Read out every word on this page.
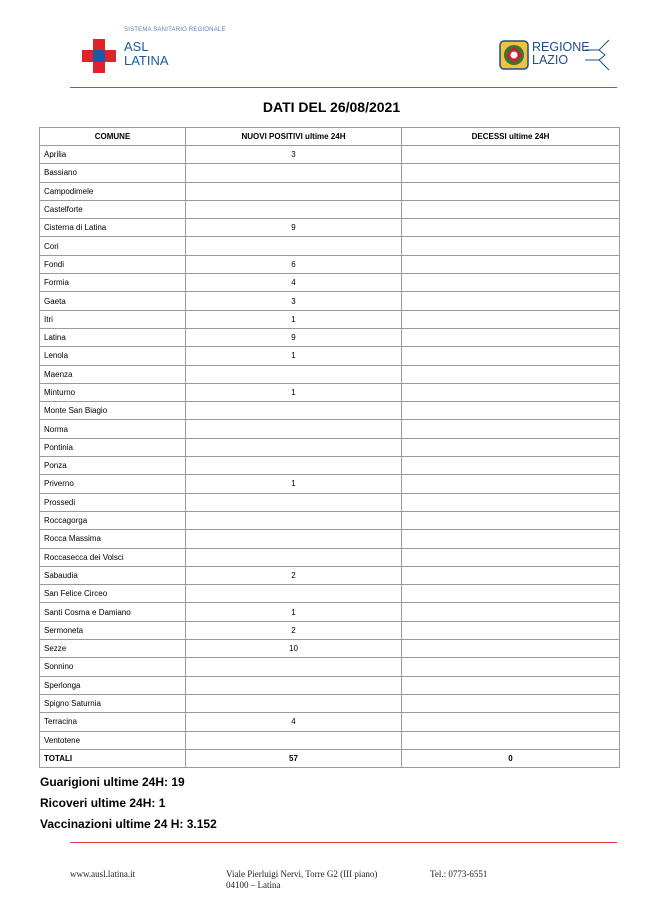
SISTEMA SANITARIO REGIONALE
ASL
LATINA
REGIONE
LAZIO
DATI DEL 26/08/2021
COMUNE	NUOVI POSITIVI ultime 24H	DECESSI ultime 24H
Aprilia	3	
Bassiano		
Campodimele		
Castelforte		
Cisterna di Latina	9	
Cori		
Fondi	6	
Formia	4	
Gaeta	3	
Itri	1	
Latina	9	
Lenola	1	
Maenza		
Minturno	1	
Monte San Biagio		
Norma		
Pontinia		
Ponza		
Priverno	1	
Prossedi		
Roccagorga		
Rocca Massima		
Roccasecca dei Volsci		
Sabaudia	2	
San Felice Circeo		
Santi Cosma e Damiano	1	
Sermoneta	2	
Sezze	10	
Sonnino		
Sperlonga		
Spigno Saturnia		
Terracina	4	
Ventotene		
TOTALI	57	0
Guarigioni ultime 24H: 19
Ricoveri ultime 24H: 1
Vaccinazioni ultime 24 H: 3.152
www.ausl.latina.it	Viale Pierluigi Nervi, Torre G2 (III piano)
04100 – Latina
Tel.: 0773-6551
